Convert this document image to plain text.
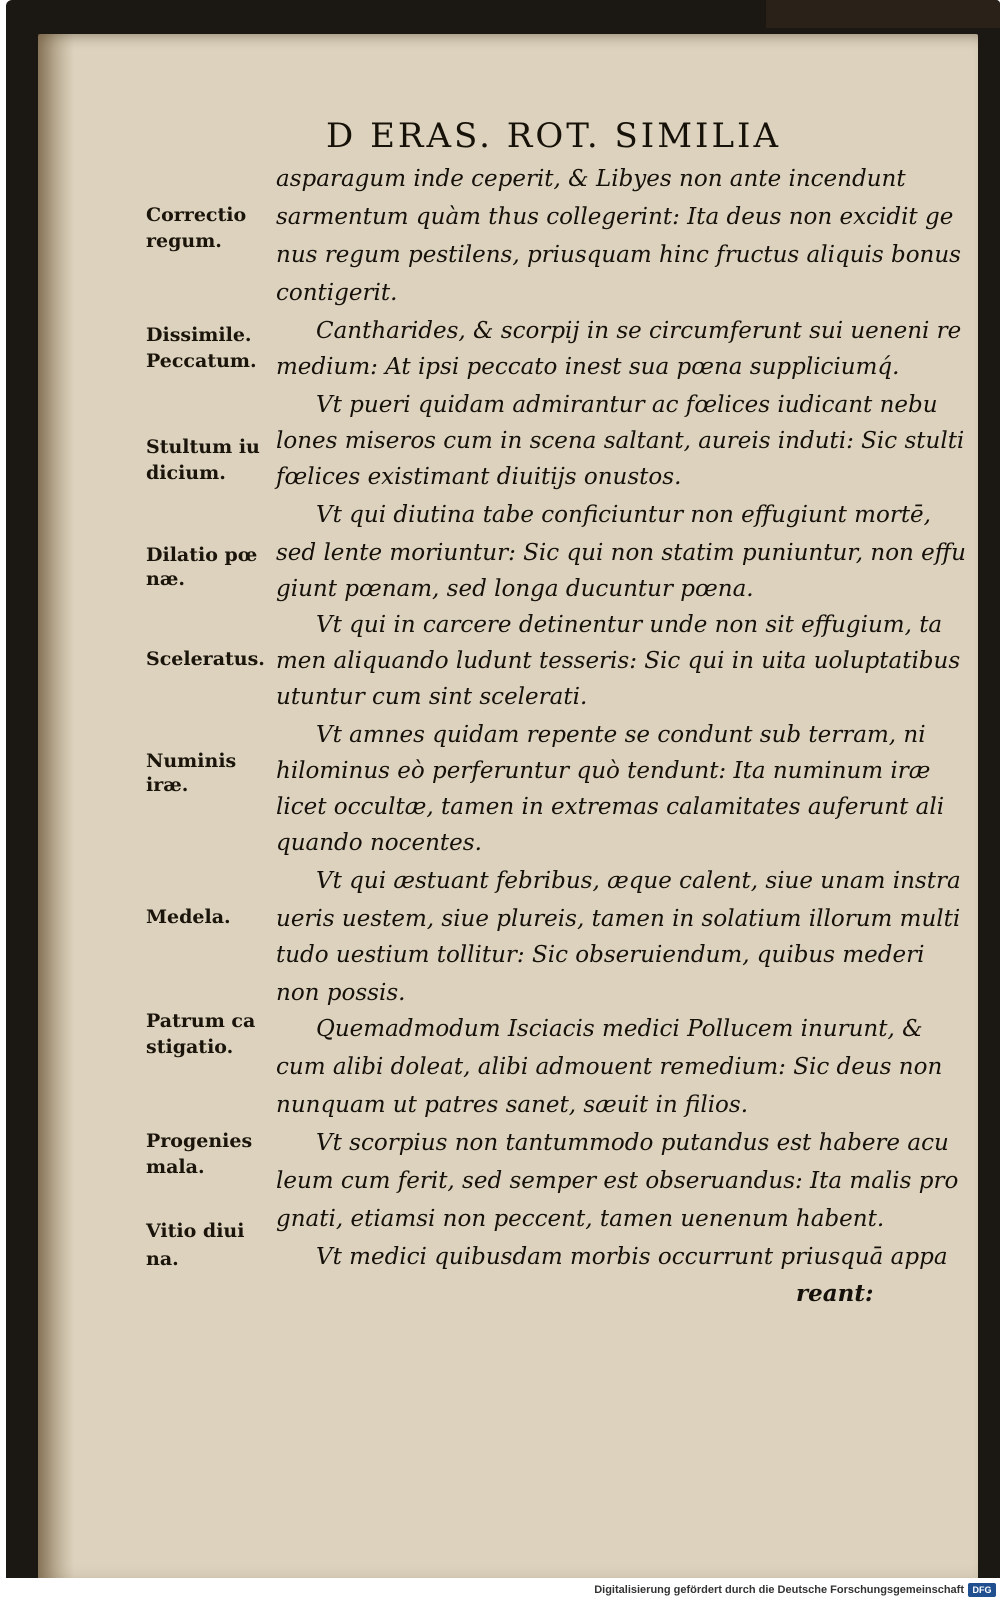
D ERAS. ROT. SIMILIA
Correctio
regum.
Dissimile.
Peccatum.
Stultum iu
dicium.
Dilatio pœ
næ.
Sceleratus.
Numinis
iræ.
Medela.
Patrum ca
stigatio.
Progenies
mala.
Vitio diui
na.
asparagum inde ceperit, & Libyes non ante incendunt
sarmentum quàm thus collegerint: Ita deus non excidit ge
nus regum pestilens, priusquam hinc fructus aliquis bonus
contigerit.
Cantharides, & scorpij in se circumferunt sui ueneni re
medium: At ipsi peccato inest sua pœna suppliciumq́.
Vt pueri quidam admirantur ac fœlices iudicant nebu
lones miseros cum in scena saltant, aureis induti: Sic stulti
fœlices existimant diuitijs onustos.
Vt qui diutina tabe conficiuntur non effugiunt mortē,
sed lente moriuntur: Sic qui non statim puniuntur, non effu
giunt pœnam, sed longa ducuntur pœna.
Vt qui in carcere detinentur unde non sit effugium, ta
men aliquando ludunt tesseris: Sic qui in uita uoluptatibus
utuntur cum sint scelerati.
Vt amnes quidam repente se condunt sub terram, ni
hilominus eò perferuntur quò tendunt: Ita numinum iræ
licet occultæ, tamen in extremas calamitates auferunt ali
quando nocentes.
Vt qui æstuant febribus, æque calent, siue unam instra
ueris uestem, siue plureis, tamen in solatium illorum multi
tudo uestium tollitur: Sic obseruiendum, quibus mederi
non possis.
Quemadmodum Isciacis medici Pollucem inurunt, &
cum alibi doleat, alibi admouent remedium: Sic deus non
nunquam ut patres sanet, sæuit in filios.
Vt scorpius non tantummodo putandus est habere acu
leum cum ferit, sed semper est obseruandus: Ita malis pro
gnati, etiamsi non peccent, tamen uenenum habent.
Vt medici quibusdam morbis occurrunt priusquā appa
reant:
Digitalisierung gefördert durch die Deutsche Forschungsgemeinschaft DFG
